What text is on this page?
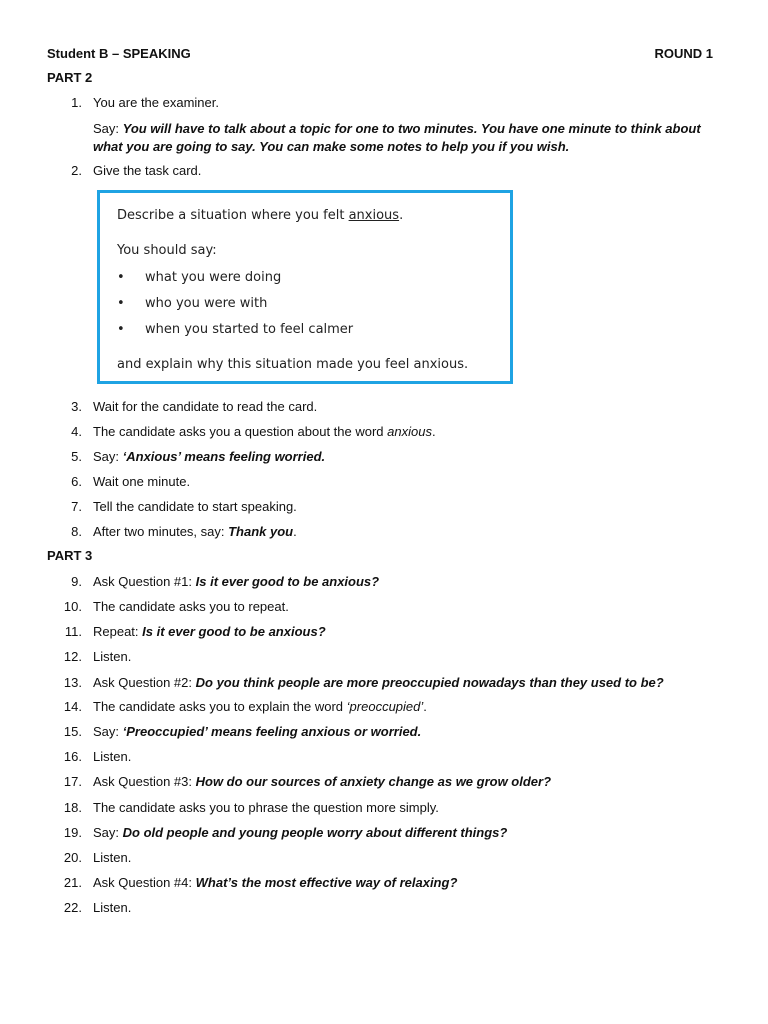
Student B – SPEAKING	ROUND 1
PART 2
1. You are the examiner.
Say: You will have to talk about a topic for one to two minutes. You have one minute to think about what you are going to say. You can make some notes to help you if you wish.
2. Give the task card.
Describe a situation where you felt anxious.
You should say:
• what you were doing
• who you were with
• when you started to feel calmer
and explain why this situation made you feel anxious.
3. Wait for the candidate to read the card.
4. The candidate asks you a question about the word anxious.
5. Say: ‘Anxious’ means feeling worried.
6. Wait one minute.
7. Tell the candidate to start speaking.
8. After two minutes, say: Thank you.
PART 3
9. Ask Question #1: Is it ever good to be anxious?
10. The candidate asks you to repeat.
11. Repeat: Is it ever good to be anxious?
12. Listen.
13. Ask Question #2: Do you think people are more preoccupied nowadays than they used to be?
14. The candidate asks you to explain the word ‘preoccupied’.
15. Say: ‘Preoccupied’ means feeling anxious or worried.
16. Listen.
17. Ask Question #3: How do our sources of anxiety change as we grow older?
18. The candidate asks you to phrase the question more simply.
19. Say: Do old people and young people worry about different things?
20. Listen.
21. Ask Question #4: What’s the most effective way of relaxing?
22. Listen.
